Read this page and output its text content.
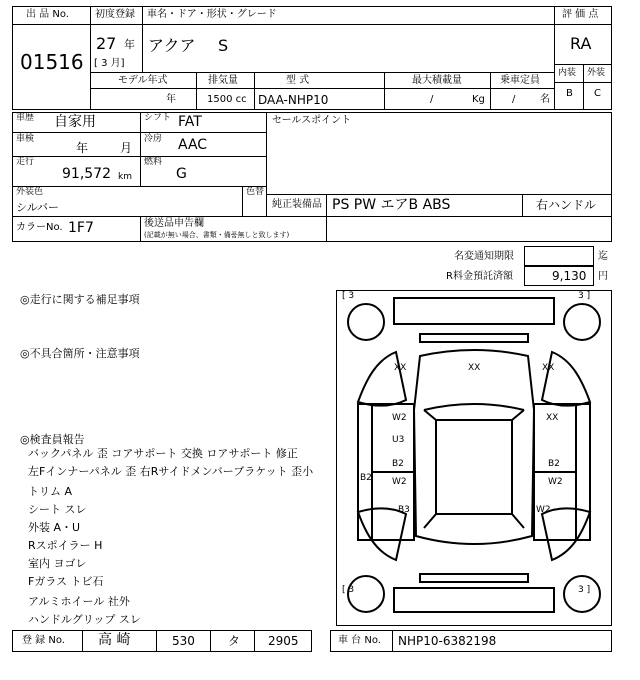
出 品 No.
01516
初度登録 車名・ドア・形状・グレード
27 年
[ 3 月]
アクア S
評 価 点
RA
内装 外装
B C
モデル年式	排気量	型 式	最大積載量	乗車定員
年	1500 cc DAA-NHP10	/	Kg	/ 名
車歴 自家用	シフト FAT	セールスポイント
車検
年	月
冷房 AAC
走行
91,572 km
燃料
G
外装色
シルバー
色替
純正装備品 PS PW エアB ABS	右ハンドル
カラーNo. 1F7	後送品申告欄
(記載が無い場合、書類・備품無しと致します)
名変通知期限	迄
R料金預託済額	9,130 円
◎走行に関する補足事項
◎不具合箇所・注意事項
◎検査員報告
バックパネル 歪 コアサポート 交換 ロアサポート 修正
左Fインナーパネル 歪 右Rサイドメンバーブラケット 歪小
トリム A
シート スレ
外装 A・U
Rスポイラー H
室内 ヨゴレ
Fガラス トビ石
アルミホイール 社外
ハンドルグリップ スレ
[ 3	3 ]
[ 3	3 ]
XX	XX	XX
XX
W2
U3
B2
W2
B2
W2
B3	W2
B2
登 録 No. 高 崎	530	タ 2905	車 台 No. NHP10-6382198
